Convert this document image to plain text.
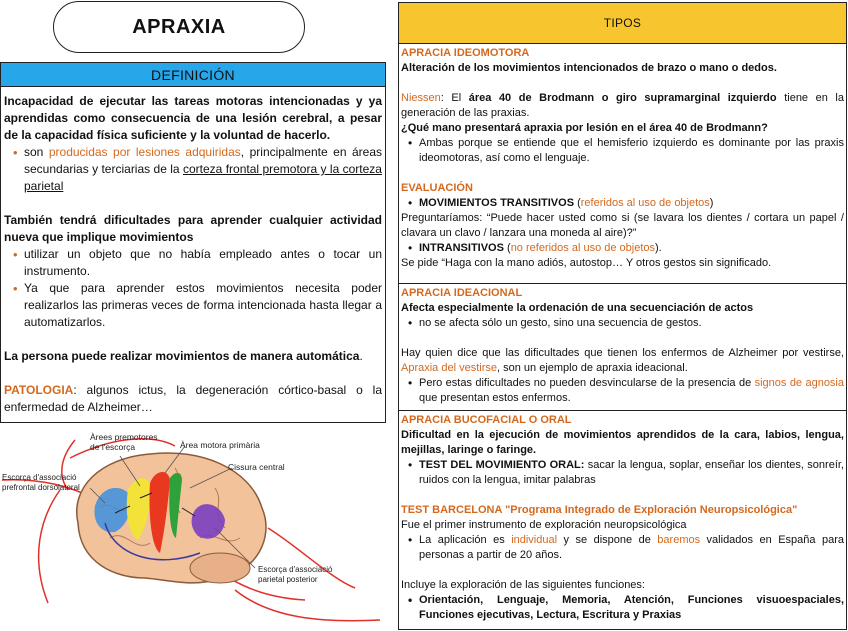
APRAXIA
DEFINICIÓN

Incapacidad de ejecutar las tareas motoras intencionadas y ya aprendidas como consecuencia de una lesión cerebral, a pesar de la capacidad física suficiente y la voluntad de hacerlo.

• son producidas por lesiones adquiridas, principalmente en áreas secundarias y terciarias de la corteza frontal premotora y la corteza parietal

También tendrá dificultades para aprender cualquier actividad nueva que implique movimientos

• utilizar un objeto que no había empleado antes o tocar un instrumento.
• Ya que para aprender estos movimientos necesita poder realizarlos las primeras veces de forma intencionada hasta llegar a automatizarlos.

La persona puede realizar movimientos de manera automática.

PATOLOGIA: algunos ictus, la degeneración córtico-basal o la enfermedad de Alzheimer…

Àrees premotores de l'escorça	Àrea motora primària
Cissura central
Escorça d'associació prefrontal dorsolateral
Escorça d'associació parietal posterior
TIPOS

APRACIA IDEOMOTORA

Alteración de los movimientos intencionados de brazo o mano o dedos.

Niessen: El área 40 de Brodmann o giro supramarginal izquierdo tiene en la generación de las praxias.

¿Qué mano presentará apraxia por lesión en el área 40 de Brodmann?

• Ambas porque se entiende que el hemisferio izquierdo es dominante por las praxis ideomotoras, así como el lenguaje.

EVALUACIÓN

• MOVIMIENTOS TRANSITIVOS (referidos al uso de objetos)

Preguntaríamos: “Puede hacer usted como si (se lavara los dientes / cortara un papel / clavara un clavo / lanzara una moneda al aire)?”

• INTRANSITIVOS (no referidos al uso de objetos).

Se pide “Haga con la mano adiós, autostop… Y otros gestos sin significado.

APRACIA IDEACIONAL

Afecta especialmente la ordenación de una secuenciación de actos

• no se afecta sólo un gesto, sino una secuencia de gestos.

Hay quien dice que las dificultades que tienen los enfermos de Alzheimer por vestirse, Apraxia del vestirse, son un ejemplo de apraxia ideacional.

• Pero estas dificultades no pueden desvincularse de la presencia de signos de agnosia que presentan estos enfermos.

APRACIA BUCOFACIAL O ORAL

Dificultad en la ejecución de movimientos aprendidos de la cara, labios, lengua, mejillas, laringe o faringe.

• TEST DEL MOVIMIENTO ORAL: sacar la lengua, soplar, enseñar los dientes, sonreír, ruidos con la lengua, imitar palabras

TEST BARCELONA "Programa Integrado de Exploración Neuropsicológica"

Fue el primer instrumento de exploración neuropsicológica

• La aplicación es individual y se dispone de baremos validados en España para personas a partir de 20 años.

Incluye la exploración de las siguientes funciones:

• Orientación, Lenguaje, Memoria, Atención, Funciones visuoespaciales, Funciones ejecutivas, Lectura, Escritura y Praxias
